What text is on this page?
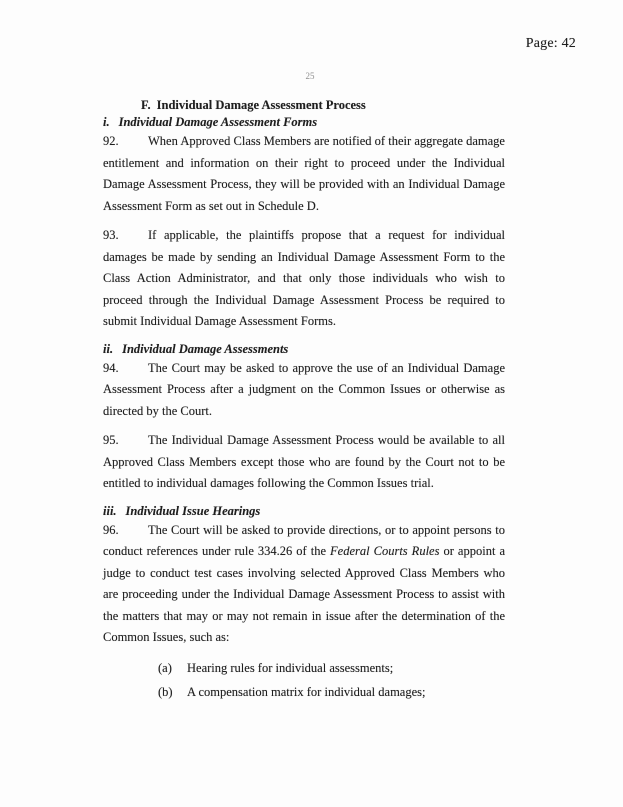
Page: 42
25
F. Individual Damage Assessment Process
i. Individual Damage Assessment Forms

92. When Approved Class Members are notified of their aggregate damage entitlement and information on their right to proceed under the Individual Damage Assessment Process, they will be provided with an Individual Damage Assessment Form as set out in Schedule D.

93. If applicable, the plaintiffs propose that a request for individual damages be made by sending an Individual Damage Assessment Form to the Class Action Administrator, and that only those individuals who wish to proceed through the Individual Damage Assessment Process be required to submit Individual Damage Assessment Forms.

ii. Individual Damage Assessments

94. The Court may be asked to approve the use of an Individual Damage Assessment Process after a judgment on the Common Issues or otherwise as directed by the Court.

95. The Individual Damage Assessment Process would be available to all Approved Class Members except those who are found by the Court not to be entitled to individual damages following the Common Issues trial.

iii. Individual Issue Hearings

96. The Court will be asked to provide directions, or to appoint persons to conduct references under rule 334.26 of the Federal Courts Rules or appoint a judge to conduct test cases involving selected Approved Class Members who are proceeding under the Individual Damage Assessment Process to assist with the matters that may or may not remain in issue after the determination of the Common Issues, such as:

(a) Hearing rules for individual assessments;
(b) A compensation matrix for individual damages;
